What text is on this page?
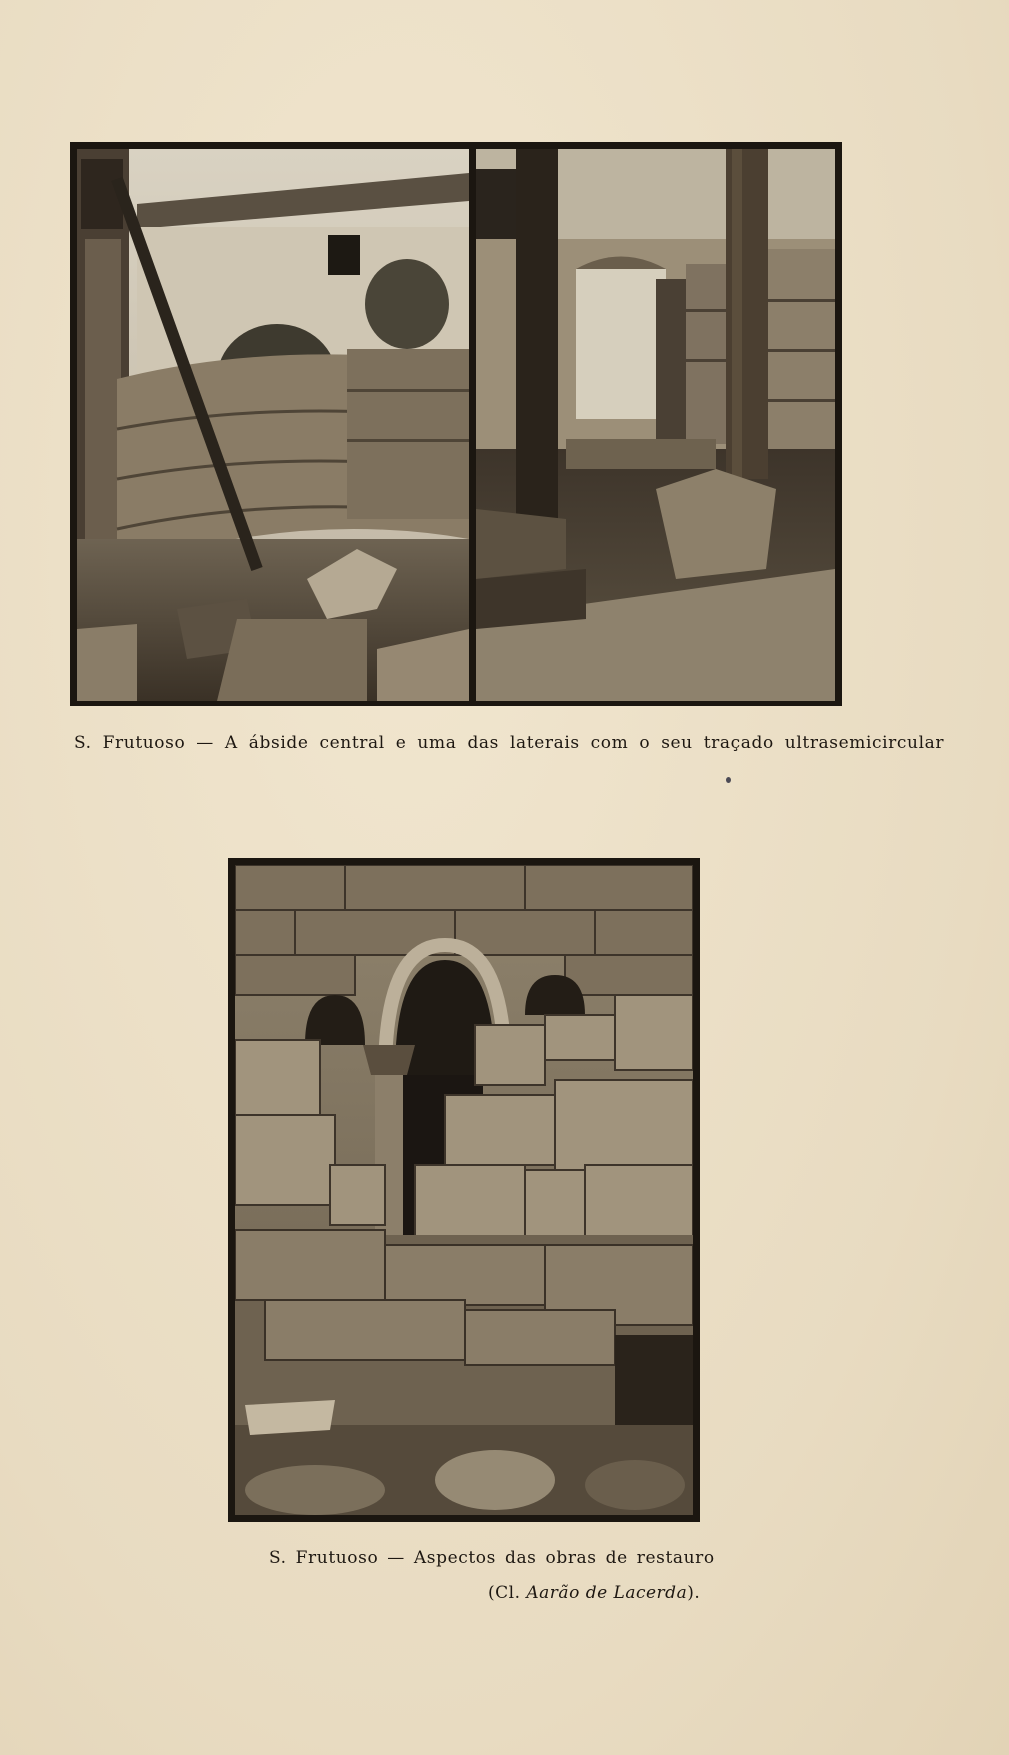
S. Frutuoso — A ábside central e uma das laterais com o seu traçado ultrasemicircular
S. Frutuoso — Aspectos das obras de restauro
(Cl. Aarão de Lacerda).
